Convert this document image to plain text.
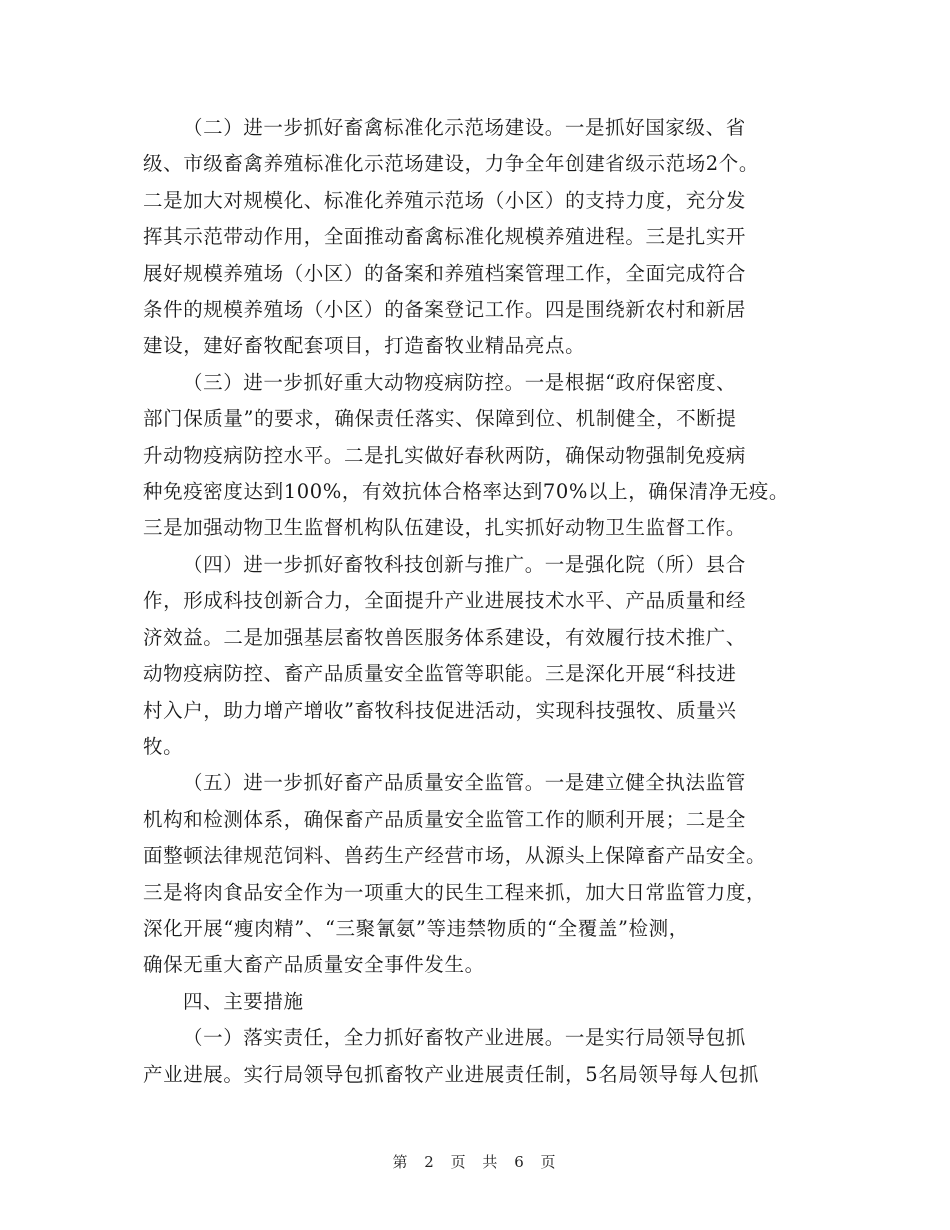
（二）进一步抓好畜禽标准化示范场建设。一是抓好国家级、省
级、市级畜禽养殖标准化示范场建设，力争全年创建省级示范场2个。
二是加大对规模化、标准化养殖示范场（小区）的支持力度，充分发
挥其示范带动作用，全面推动畜禽标准化规模养殖进程。三是扎实开
展好规模养殖场（小区）的备案和养殖档案管理工作，全面完成符合
条件的规模养殖场（小区）的备案登记工作。四是围绕新农村和新居
建设，建好畜牧配套项目，打造畜牧业精品亮点。

（三）进一步抓好重大动物疫病防控。一是根据“政府保密度、
部门保质量”的要求，确保责任落实、保障到位、机制健全，不断提
升动物疫病防控水平。二是扎实做好春秋两防，确保动物强制免疫病
种免疫密度达到100%，有效抗体合格率达到70%以上，确保清净无疫。
三是加强动物卫生监督机构队伍建设，扎实抓好动物卫生监督工作。

（四）进一步抓好畜牧科技创新与推广。一是强化院（所）县合
作，形成科技创新合力，全面提升产业进展技术水平、产品质量和经
济效益。二是加强基层畜牧兽医服务体系建设，有效履行技术推广、
动物疫病防控、畜产品质量安全监管等职能。三是深化开展“科技进
村入户，助力增产增收”畜牧科技促进活动，实现科技强牧、质量兴
牧。

（五）进一步抓好畜产品质量安全监管。一是建立健全执法监管
机构和检测体系，确保畜产品质量安全监管工作的顺利开展；二是全
面整顿法律规范饲料、兽药生产经营市场，从源头上保障畜产品安全。
三是将肉食品安全作为一项重大的民生工程来抓，加大日常监管力度，
深化开展“瘦肉精”、“三聚氰氨”等违禁物质的“全覆盖”检测，
确保无重大畜产品质量安全事件发生。

四、主要措施

（一）落实责任，全力抓好畜牧产业进展。一是实行局领导包抓
产业进展。实行局领导包抓畜牧产业进展责任制，5名局领导每人包抓

第 2 页 共 6 页
